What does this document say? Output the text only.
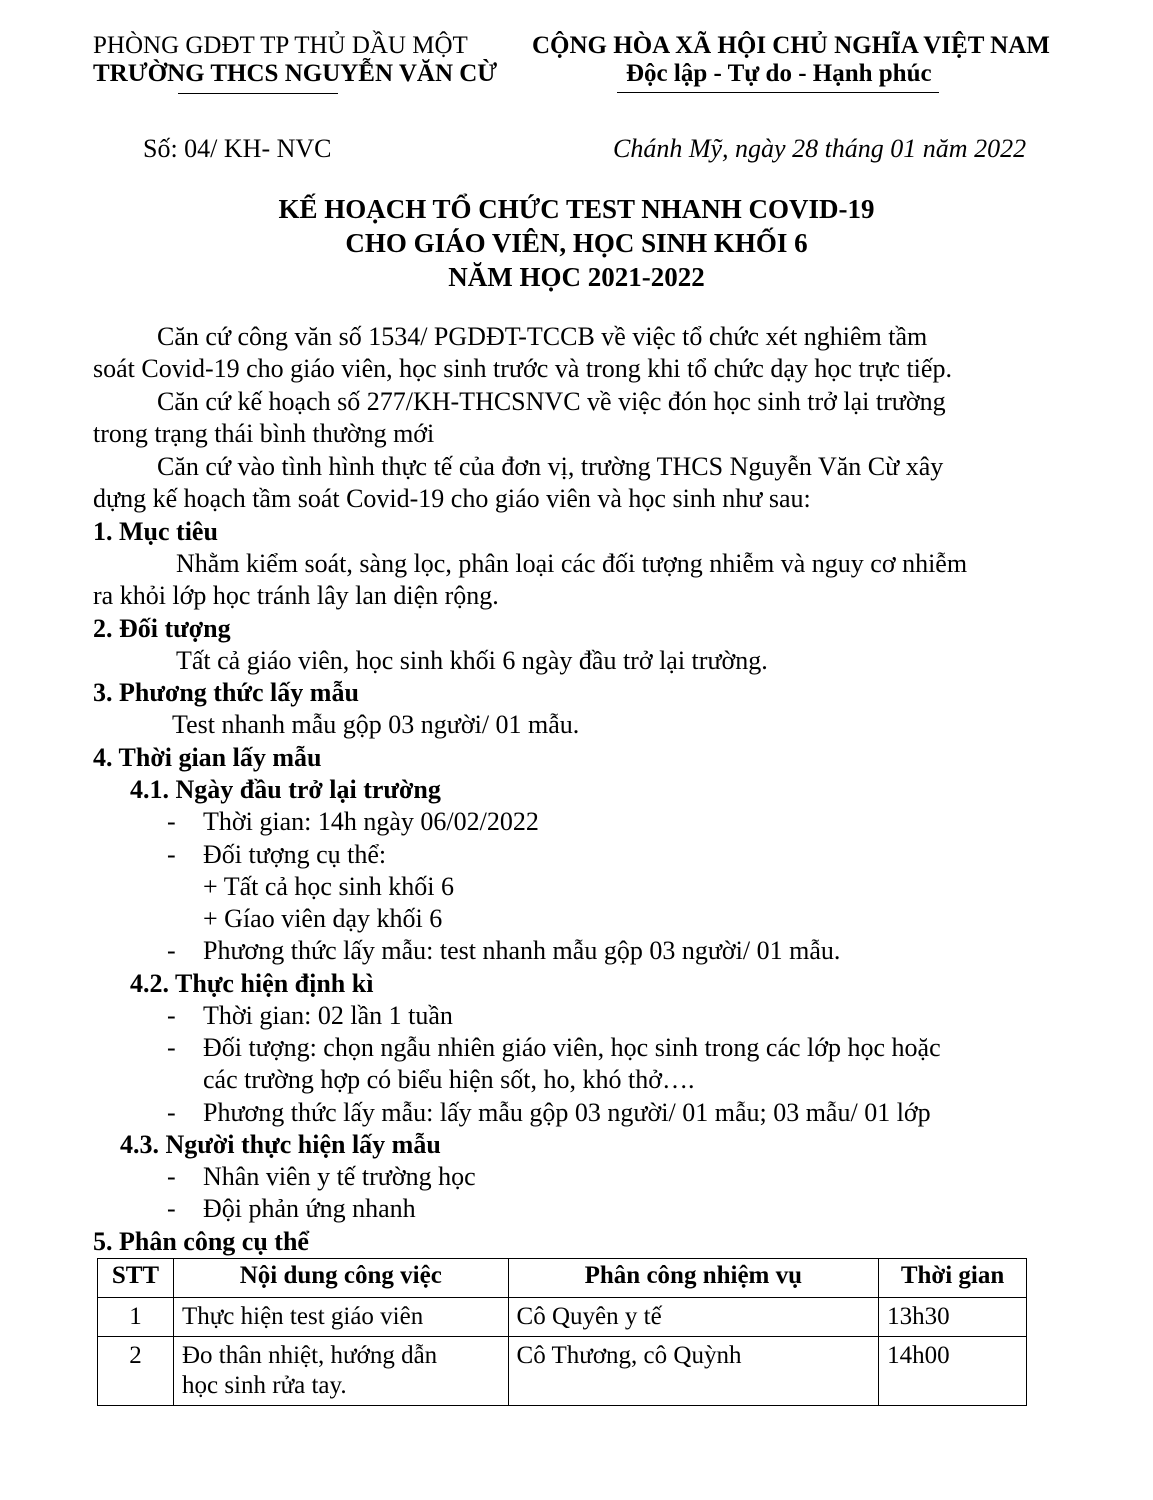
PHÒNG GDĐT TP THỦ DẦU MỘT
TRƯỜNG THCS NGUYỄN VĂN CỪ
CỘNG HÒA XÃ HỘI CHỦ NGHĨA VIỆT NAM
Độc lập - Tự do - Hạnh phúc
Số: 04/ KH- NVC	Chánh Mỹ, ngày 28 tháng 01 năm 2022
KẾ HOẠCH TỔ CHỨC TEST NHANH COVID-19
CHO GIÁO VIÊN, HỌC SINH KHỐI 6
NĂM HỌC 2021-2022
Căn cứ công văn số 1534/ PGDĐT-TCCB về việc tổ chức xét nghiêm tầm
soát Covid-19 cho giáo viên, học sinh trước và trong khi tổ chức dạy học trực tiếp.
Căn cứ kế hoạch số 277/KH-THCSNVC về việc đón học sinh trở lại trường
trong trạng thái bình thường mới
Căn cứ vào tình hình thực tế của đơn vị, trường THCS Nguyễn Văn Cừ xây
dựng kế hoạch tầm soát Covid-19 cho giáo viên và học sinh như sau:
1. Mục tiêu
Nhằm kiểm soát, sàng lọc, phân loại các đối tượng nhiễm và nguy cơ nhiễm
ra khỏi lớp học tránh lây lan diện rộng.
2. Đối tượng
Tất cả giáo viên, học sinh khối 6 ngày đầu trở lại trường.
3. Phương thức lấy mẫu
Test nhanh mẫu gộp 03 người/ 01 mẫu.
4. Thời gian lấy mẫu
4.1. Ngày đầu trở lại trường
- Thời gian: 14h ngày 06/02/2022
- Đối tượng cụ thể:
+ Tất cả học sinh khối 6
+ Gíao viên dạy khối 6
- Phương thức lấy mẫu: test nhanh mẫu gộp 03 người/ 01 mẫu.
4.2. Thực hiện định kì
- Thời gian: 02 lần 1 tuần
- Đối tượng: chọn ngẫu nhiên giáo viên, học sinh trong các lớp học hoặc
các trường hợp có biểu hiện sốt, ho, khó thở….
- Phương thức lấy mẫu: lấy mẫu gộp 03 người/ 01 mẫu; 03 mẫu/ 01 lớp
4.3. Người thực hiện lấy mẫu
- Nhân viên y tế trường học
- Đội phản ứng nhanh
5. Phân công cụ thể
STT	Nội dung công việc	Phân công nhiệm vụ	Thời gian
1	Thực hiện test giáo viên	Cô Quyên y tế	13h30
2	Đo thân nhiệt, hướng dẫn
học sinh rửa tay.	Cô Thương, cô Quỳnh	14h00
